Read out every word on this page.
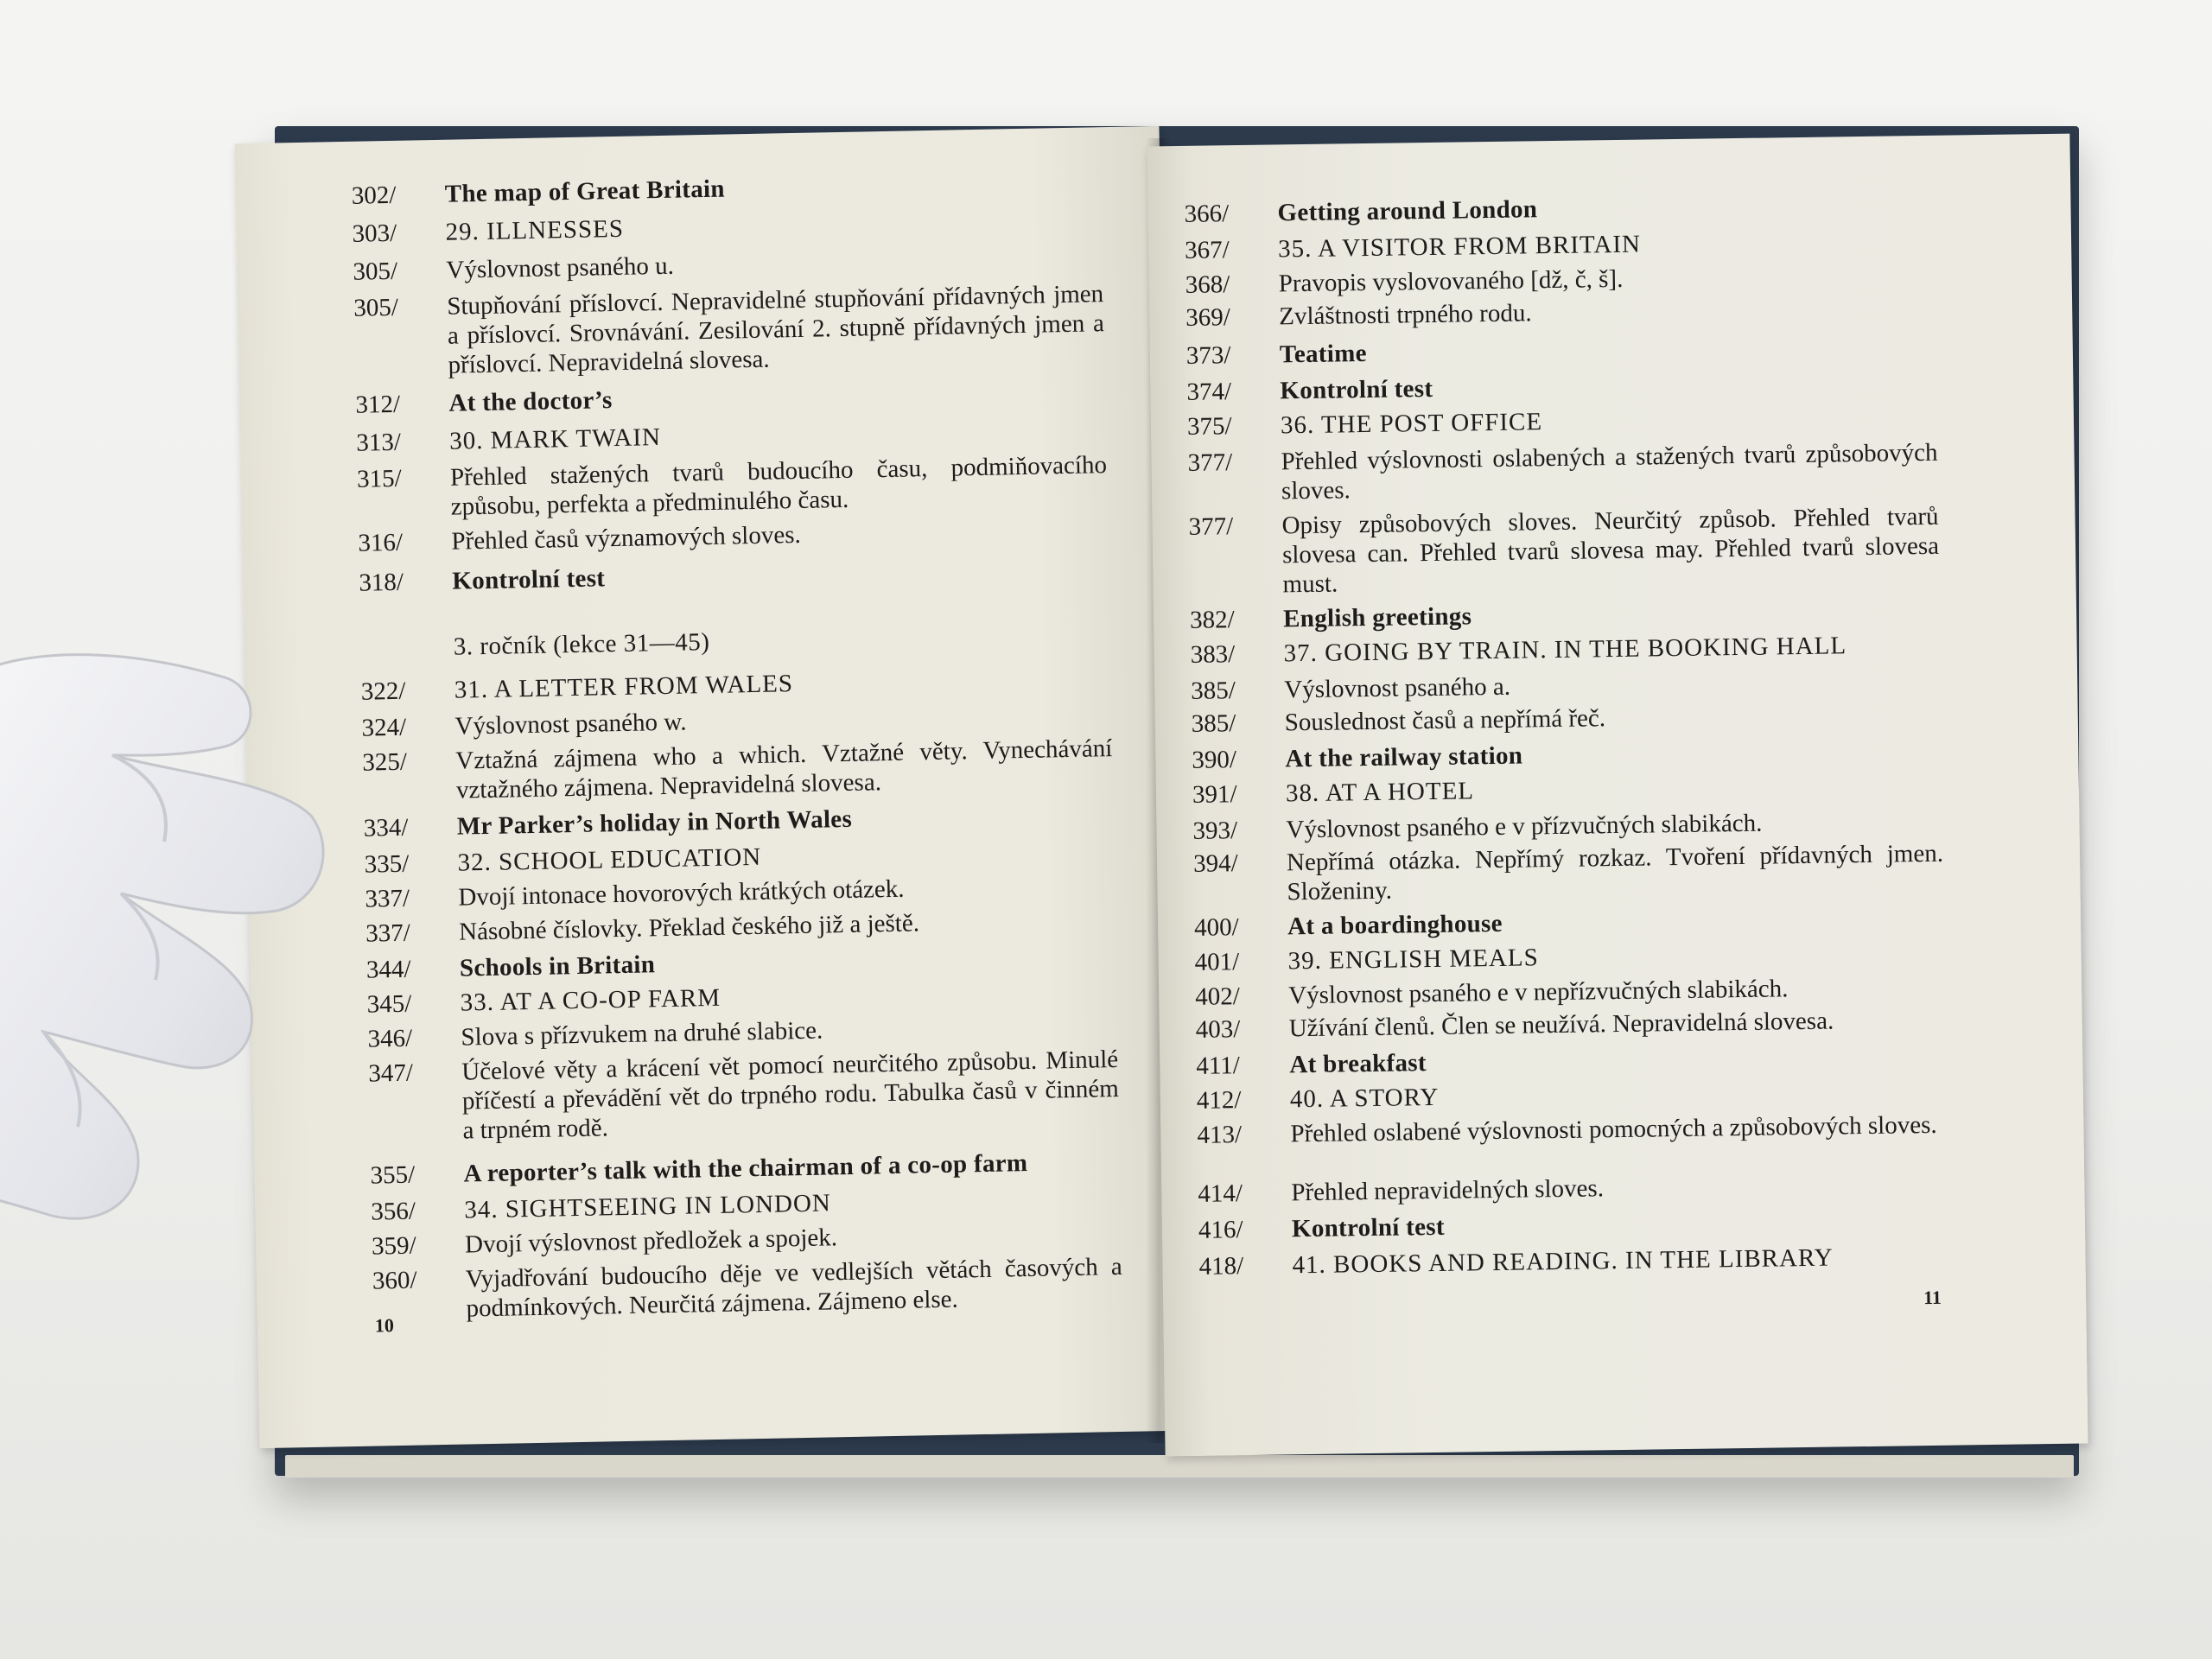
302/	The map of Great Britain
303/	29. ILLNESSES
305/	Výslovnost psaného u.
305/	Stupňování příslovcí. Nepravidelné stupňování přídavných jmen a příslovcí. Srovnávání. Zesilování 2. stupně přídavných jmen a příslovcí. Nepravidelná slovesa.
312/	At the doctor’s
313/	30. MARK TWAIN
315/	Přehled stažených tvarů budoucího času, podmiňovacího způsobu, perfekta a předminulého času.
316/	Přehled časů významových sloves.
318/	Kontrolní test
3. ročník (lekce 31—45)
322/	31. A LETTER FROM WALES
324/	Výslovnost psaného w.
325/	Vztažná zájmena who a which. Vztažné věty. Vynechávání vztažného zájmena. Nepravidelná slovesa.
334/	Mr Parker’s holiday in North Wales
335/	32. SCHOOL EDUCATION
337/	Dvojí intonace hovorových krátkých otázek.
337/	Násobné číslovky. Překlad českého již a ještě.
344/	Schools in Britain
345/	33. AT A CO-OP FARM
346/	Slova s přízvukem na druhé slabice.
347/	Účelové věty a krácení vět pomocí neurčitého způsobu. Minulé příčestí a převádění vět do trpného rodu. Tabulka časů v činném a trpném rodě.
355/	A reporter’s talk with the chairman of a co-op farm
356/	34. SIGHTSEEING IN LONDON
359/	Dvojí výslovnost předložek a spojek.
360/	Vyjadřování budoucího děje ve vedlejších větách časových a podmínkových. Neurčitá zájmena. Zájmeno else.
10
366/	Getting around London
367/	35. A VISITOR FROM BRITAIN
368/	Pravopis vyslovovaného [dž, č, š].
369/	Zvláštnosti trpného rodu.
373/	Teatime
374/	Kontrolní test
375/	36. THE POST OFFICE
377/	Přehled výslovnosti oslabených a stažených tvarů způsobových sloves.
377/	Opisy způsobových sloves. Neurčitý způsob. Přehled tvarů slovesa can. Přehled tvarů slovesa may. Přehled tvarů slovesa must.
382/	English greetings
383/	37. GOING BY TRAIN. IN THE BOOKING HALL
385/	Výslovnost psaného a.
385/	Souslednost časů a nepřímá řeč.
390/	At the railway station
391/	38. AT A HOTEL
393/	Výslovnost psaného e v přízvučných slabikách.
394/	Nepřímá otázka. Nepřímý rozkaz. Tvoření přídavných jmen. Složeniny.
400/	At a boardinghouse
401/	39. ENGLISH MEALS
402/	Výslovnost psaného e v nepřízvučných slabikách.
403/	Užívání členů. Člen se neužívá. Nepravidelná slovesa.
411/	At breakfast
412/	40. A STORY
413/	Přehled oslabené výslovnosti pomocných a způsobových sloves.
414/	Přehled nepravidelných sloves.
416/	Kontrolní test
418/	41. BOOKS AND READING. IN THE LIBRARY
11
